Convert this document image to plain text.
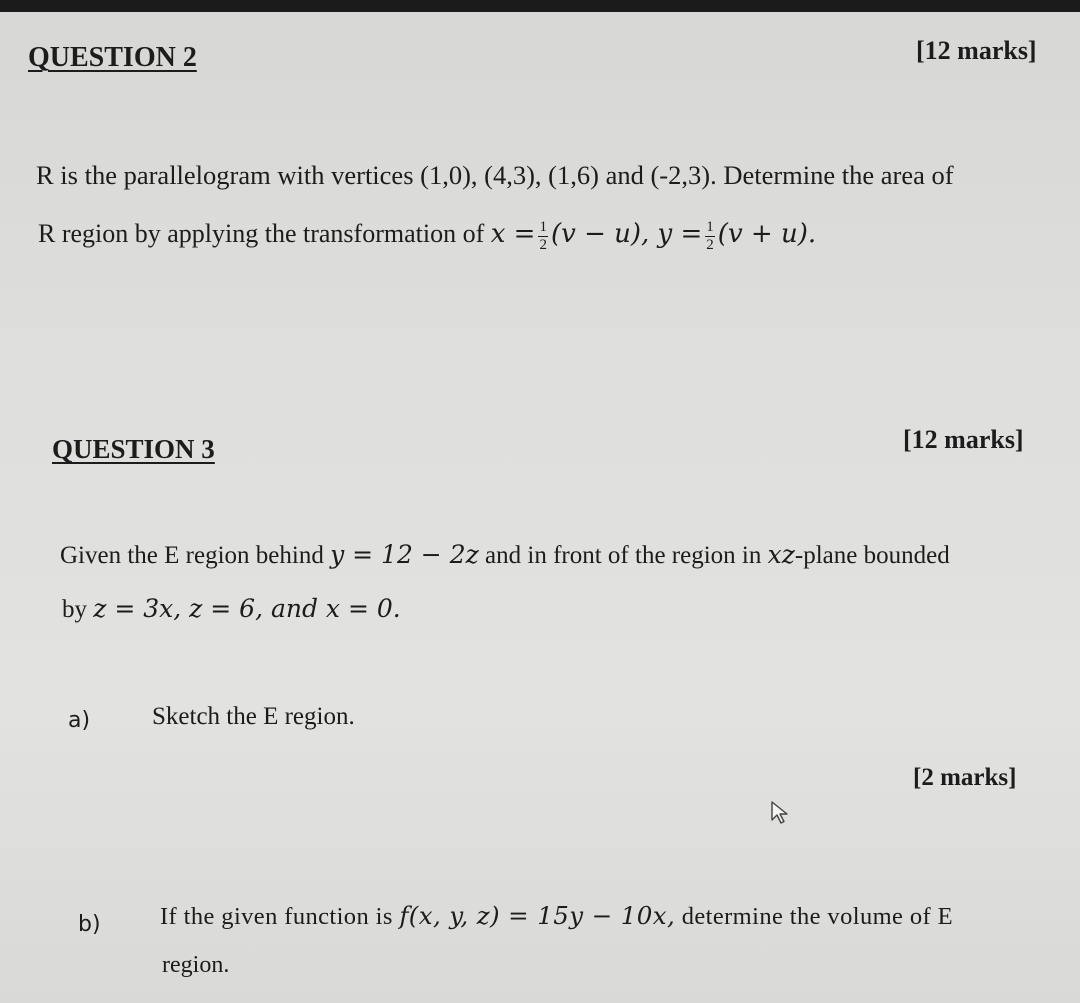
QUESTION 2	[12 marks]
R is the parallelogram with vertices (1,0), (4,3), (1,6) and (-2,3). Determine the area of
R region by applying the transformation of $x = \frac{1}{2} (v - u)$, $y = \frac{1}{2} (v + u)$.
QUESTION 3	[12 marks]
Given the E region behind y = 12 − 2z and in front of the region in xz-plane bounded
by z = 3x, z = 6, and x = 0.
a) Sketch the E region.
[2 marks]
b) If the given function is f(x, y, z) = 15y − 10x, determine the volume of E
region.
